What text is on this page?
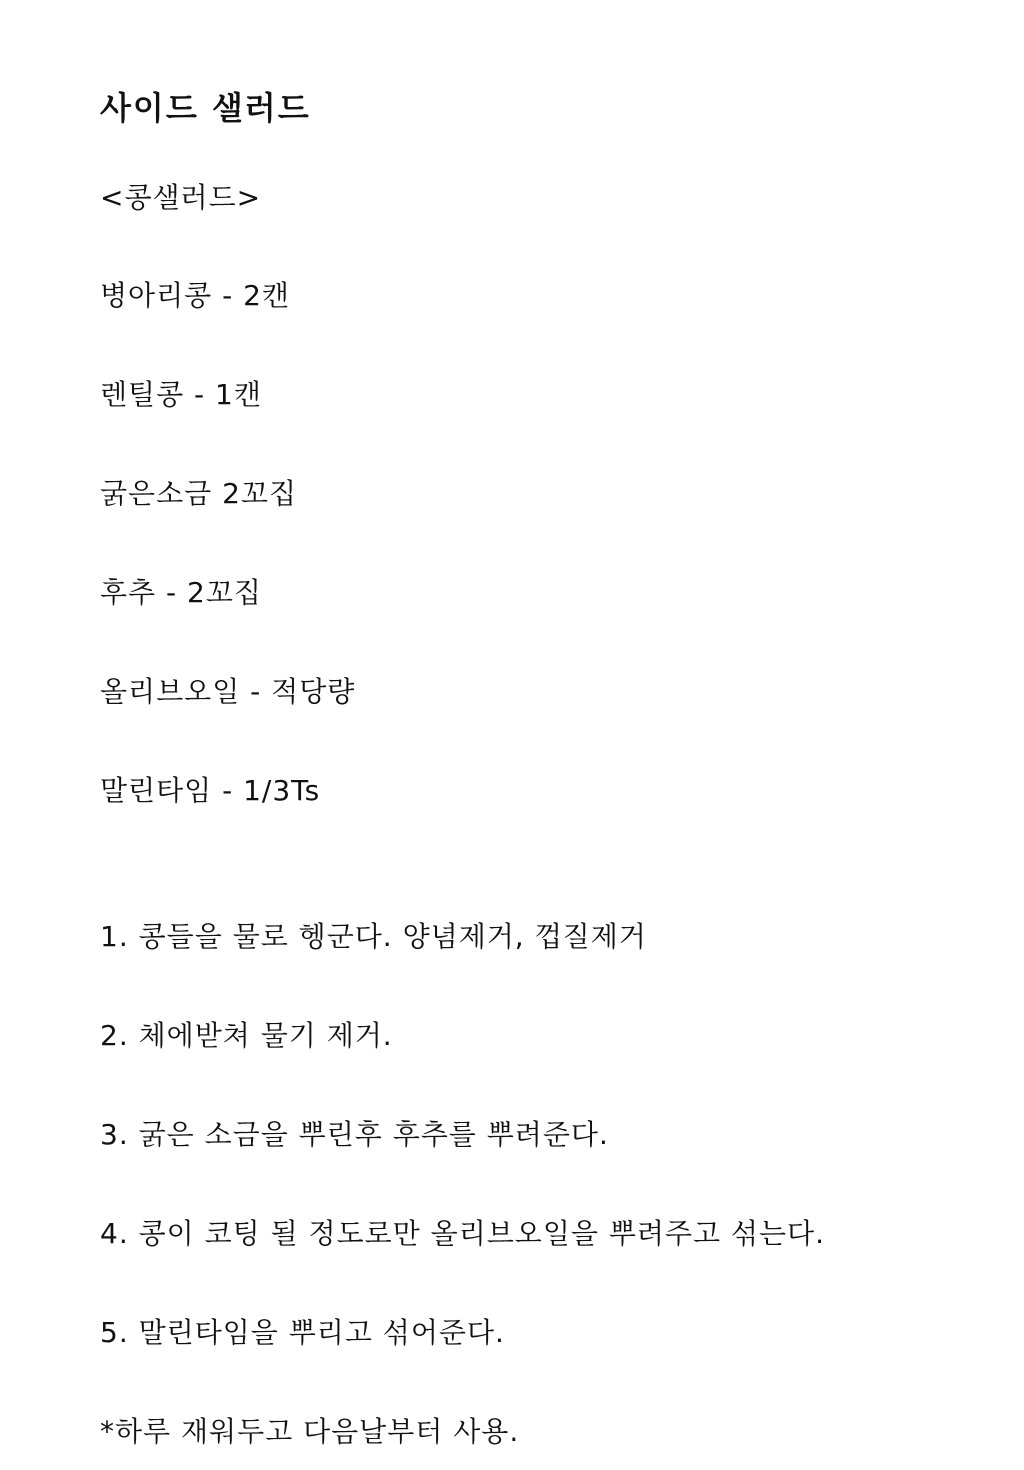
사이드 샐러드
<콩샐러드>
병아리콩 - 2캔
렌틸콩 - 1캔
굵은소금 2꼬집
후추 - 2꼬집
올리브오일 - 적당량
말린타임 - 1/3Ts
1. 콩들을 물로 헹군다. 양념제거, 껍질제거
2. 체에받쳐 물기 제거.
3. 굵은 소금을 뿌린후 후추를 뿌려준다.
4. 콩이 코팅 될 정도로만 올리브오일을 뿌려주고 섞는다.
5. 말린타임을 뿌리고 섞어준다.
*하루 재워두고 다음날부터 사용.
